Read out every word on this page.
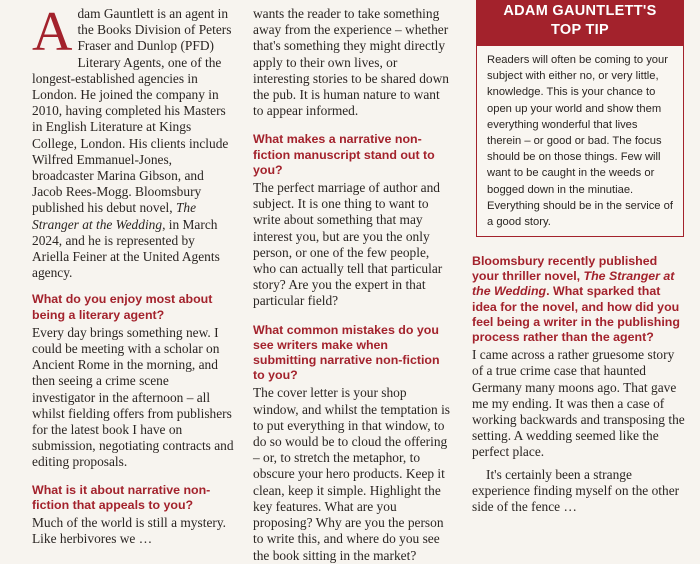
Adam Gauntlett is an agent in the Books Division of Peters Fraser and Dunlop (PFD) Literary Agents, one of the longest-established agencies in London. He joined the company in 2010, having completed his Masters in English Literature at Kings College, London. His clients include Wilfred Emmanuel-Jones, broadcaster Marina Gibson, and Jacob Rees-Mogg. Bloomsbury published his debut novel, The Stranger at the Wedding, in March 2024, and he is represented by Ariella Feiner at the United Agents agency.

What do you enjoy most about being a literary agent?

Every day brings something new. I could be meeting with a scholar on Ancient Rome in the morning, and then seeing a crime scene investigator in the afternoon – all whilst fielding offers from publishers for the latest book I have on submission, negotiating contracts and editing proposals.

What is it about narrative non-fiction that appeals to you?

Much of the world is still a mystery. Like herbivores we …

wants the reader to take something away from the experience – whether that's something they might directly apply to their own lives, or interesting stories to be shared down the pub. It is human nature to want to appear informed.

What makes a narrative non-fiction manuscript stand out to you?

The perfect marriage of author and subject. It is one thing to want to write about something that may interest you, but are you the only person, or one of the few people, who can actually tell that particular story? Are you the expert in that particular field?

What common mistakes do you see writers make when submitting narrative non-fiction to you?

The cover letter is your shop window, and whilst the temptation is to put everything in that window, to do so would be to cloud the offering – or, to stretch the metaphor, to obscure your hero products. Keep it clean, keep it simple. Highlight the key features. What are you proposing? Why are you the person to write this, and where do you see the book sitting in the market?

ADAM GAUNTLETT'S
TOP TIP

Readers will often be coming to your subject with either no, or very little, knowledge. This is your chance to open up your world and show them everything wonderful that lives therein – or good or bad. The focus should be on those things. Few will want to be caught in the weeds or bogged down in the minutiae. Everything should be in the service of a good story.

Bloomsbury recently published your thriller novel, The Stranger at the Wedding. What sparked that idea for the novel, and how did you feel being a writer in the publishing process rather than the agent?

I came across a rather gruesome story of a true crime case that haunted Germany many moons ago. That gave me my ending. It was then a case of working backwards and transposing the setting. A wedding seemed like the perfect place.

It's certainly been a strange experience finding myself on the other side of the fence …
